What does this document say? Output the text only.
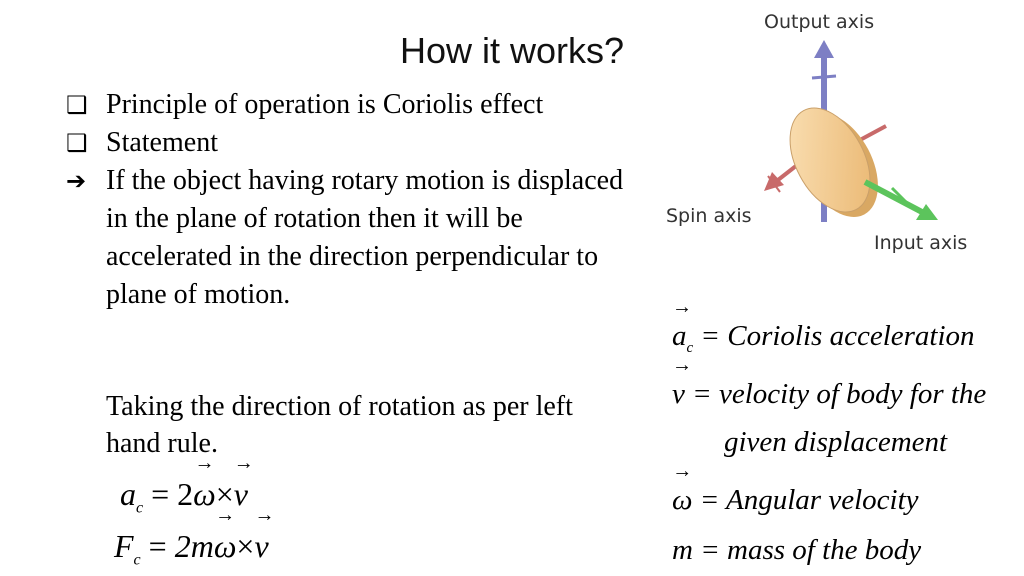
How it works?
❑ Principle of operation is Coriolis effect
❑ Statement
➔ If the object having rotary motion is displaced in the plane of rotation then it will be accelerated in the direction perpendicular to plane of motion.
Taking the direction of rotation as per left hand rule.
$a_c = 2\to \omega\times\to v$
$F_c = 2m\to \omega\times\to v$
Output axis
Spin axis
Input axis
→ $a_c$ = Coriolis acceleration
→ v = velocity of body for the
given displacement
→ ω = Angular velocity
m = mass of the body
